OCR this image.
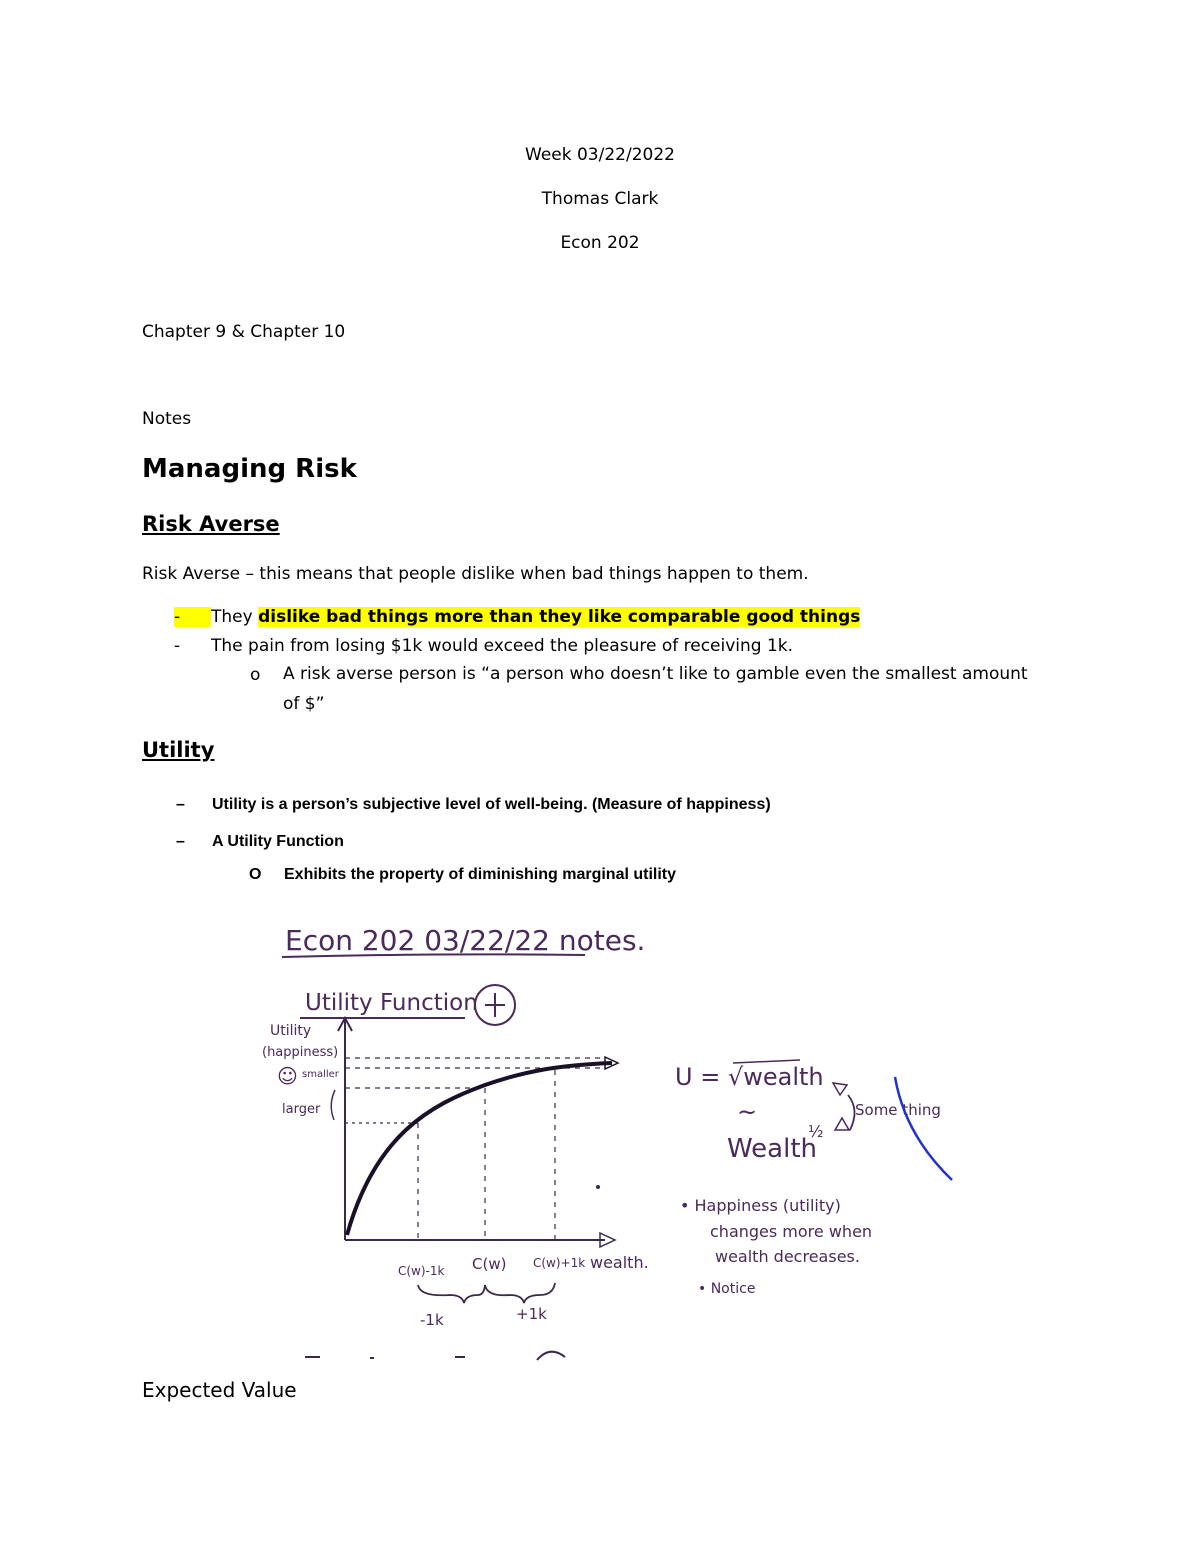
Week 03/22/2022
Thomas Clark
Econ 202
Chapter 9 & Chapter 10
Notes
Managing Risk
Risk Averse
Risk Averse – this means that people dislike when bad things happen to them.
-	They dislike bad things more than they like comparable good things
- The pain from losing $1k would exceed the pleasure of receiving 1k.
o A risk averse person is “a person who doesn’t like to gamble even the smallest amount
of $”
Utility
– Utility is a person’s subjective level of well-being. (Measure of happiness)
– A Utility Function
O Exhibits the property of diminishing marginal utility
Econ 202 03/22/22 notes.
Utility Function
Utility
(happiness)
☺ smaller
larger
C(w)-1k C(w) C(w)+1k wealth.
-1k	+1k
U = √wealth
~
Wealth
½
Some thing
• Happiness (utility)
changes more when
wealth decreases.
• Notice
Expected Value
